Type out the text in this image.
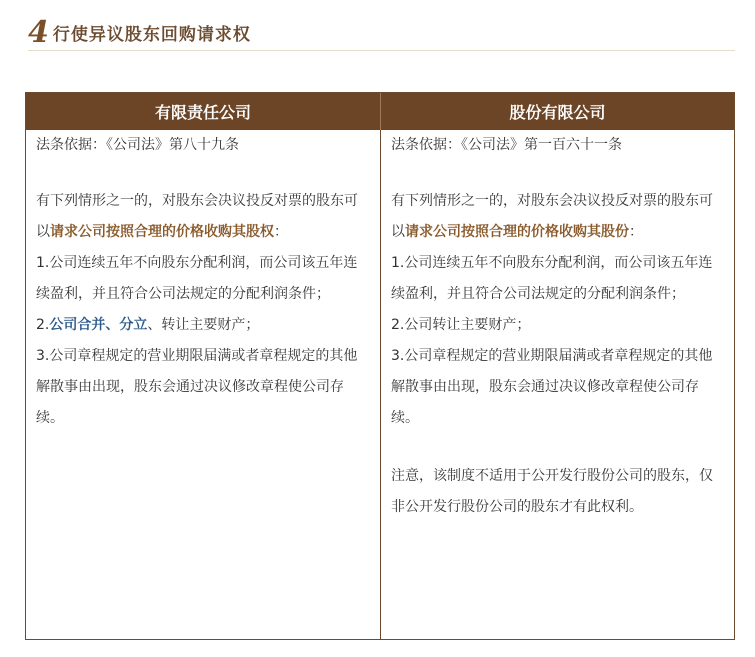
4 行使异议股东回购请求权
有限责任公司	股份有限公司

法条依据：《公司法》第八十九条

有下列情形之一的，对股东会决议投反对票的股东可以请求公司按照合理的价格收购其股权：

1.公司连续五年不向股东分配利润，而公司该五年连续盈利，并且符合公司法规定的分配利润条件；

2.公司合并、分立、转让主要财产；

3.公司章程规定的营业期限届满或者章程规定的其他解散事由出现，股东会通过决议修改章程使公司存续。

法条依据：《公司法》第一百六十一条

有下列情形之一的，对股东会决议投反对票的股东可以请求公司按照合理的价格收购其股份：

1.公司连续五年不向股东分配利润，而公司该五年连续盈利，并且符合公司法规定的分配利润条件；

2.公司转让主要财产；

3.公司章程规定的营业期限届满或者章程规定的其他解散事由出现，股东会通过决议修改章程使公司存续。

注意，该制度不适用于公开发行股份公司的股东，仅非公开发行股份公司的股东才有此权利。
